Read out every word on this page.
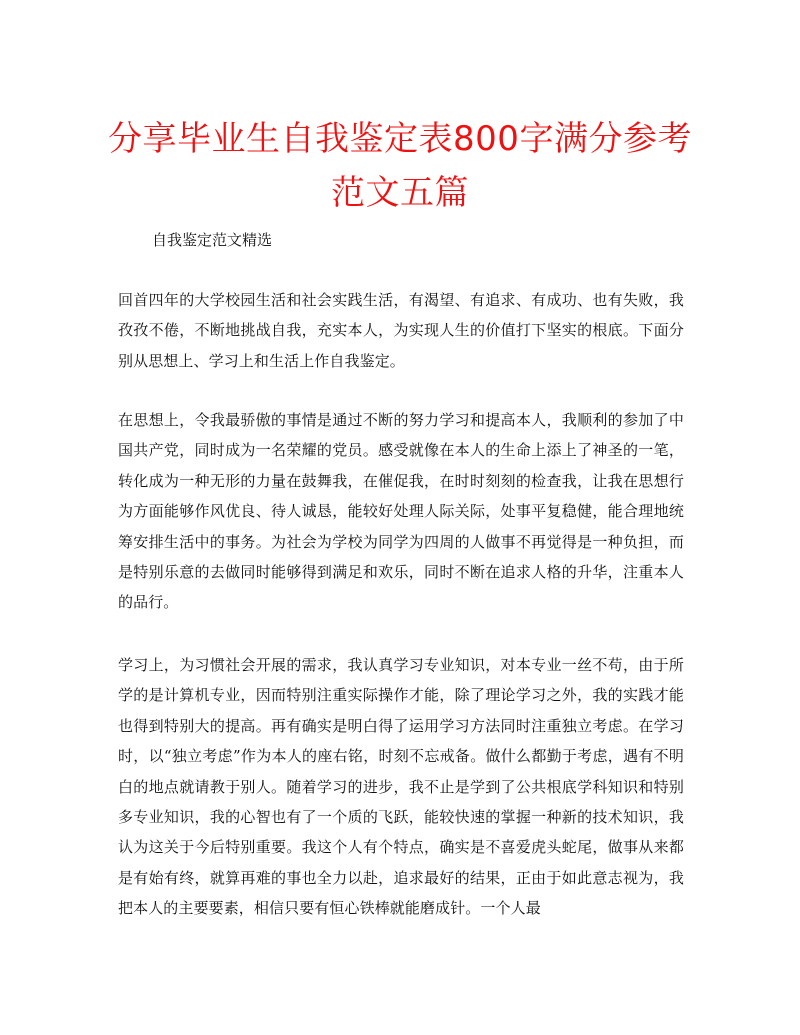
分享毕业生自我鉴定表800字满分参考范文五篇

自我鉴定范文精选

回首四年的大学校园生活和社会实践生活，有渴望、有追求、有成功、也有失败，我孜孜不倦，不断地挑战自我，充实本人，为实现人生的价值打下坚实的根底。下面分别从思想上、学习上和生活上作自我鉴定。

在思想上，令我最骄傲的事情是通过不断的努力学习和提高本人，我顺利的参加了中国共产党，同时成为一名荣耀的党员。感受就像在本人的生命上添上了神圣的一笔，转化成为一种无形的力量在鼓舞我，在催促我，在时时刻刻的检查我，让我在思想行为方面能够作风优良、待人诚恳，能较好处理人际关际，处事平复稳健，能合理地统筹安排生活中的事务。为社会为学校为同学为四周的人做事不再觉得是一种负担，而是特别乐意的去做同时能够得到满足和欢乐，同时不断在追求人格的升华，注重本人的品行。

学习上，为习惯社会开展的需求，我认真学习专业知识，对本专业一丝不苟，由于所学的是计算机专业，因而特别注重实际操作才能，除了理论学习之外，我的实践才能也得到特别大的提高。再有确实是明白得了运用学习方法同时注重独立考虑。在学习时，以“独立考虑”作为本人的座右铭，时刻不忘戒备。做什么都勤于考虑，遇有不明白的地点就请教于别人。随着学习的进步，我不止是学到了公共根底学科知识和特别多专业知识，我的心智也有了一个质的飞跃，能较快速的掌握一种新的技术知识，我认为这关于今后特别重要。我这个人有个特点，确实是不喜爱虎头蛇尾，做事从来都是有始有终，就算再难的事也全力以赴，追求最好的结果，正由于如此意志视为，我把本人的主要要素，相信只要有恒心铁棒就能磨成针。一个人最
